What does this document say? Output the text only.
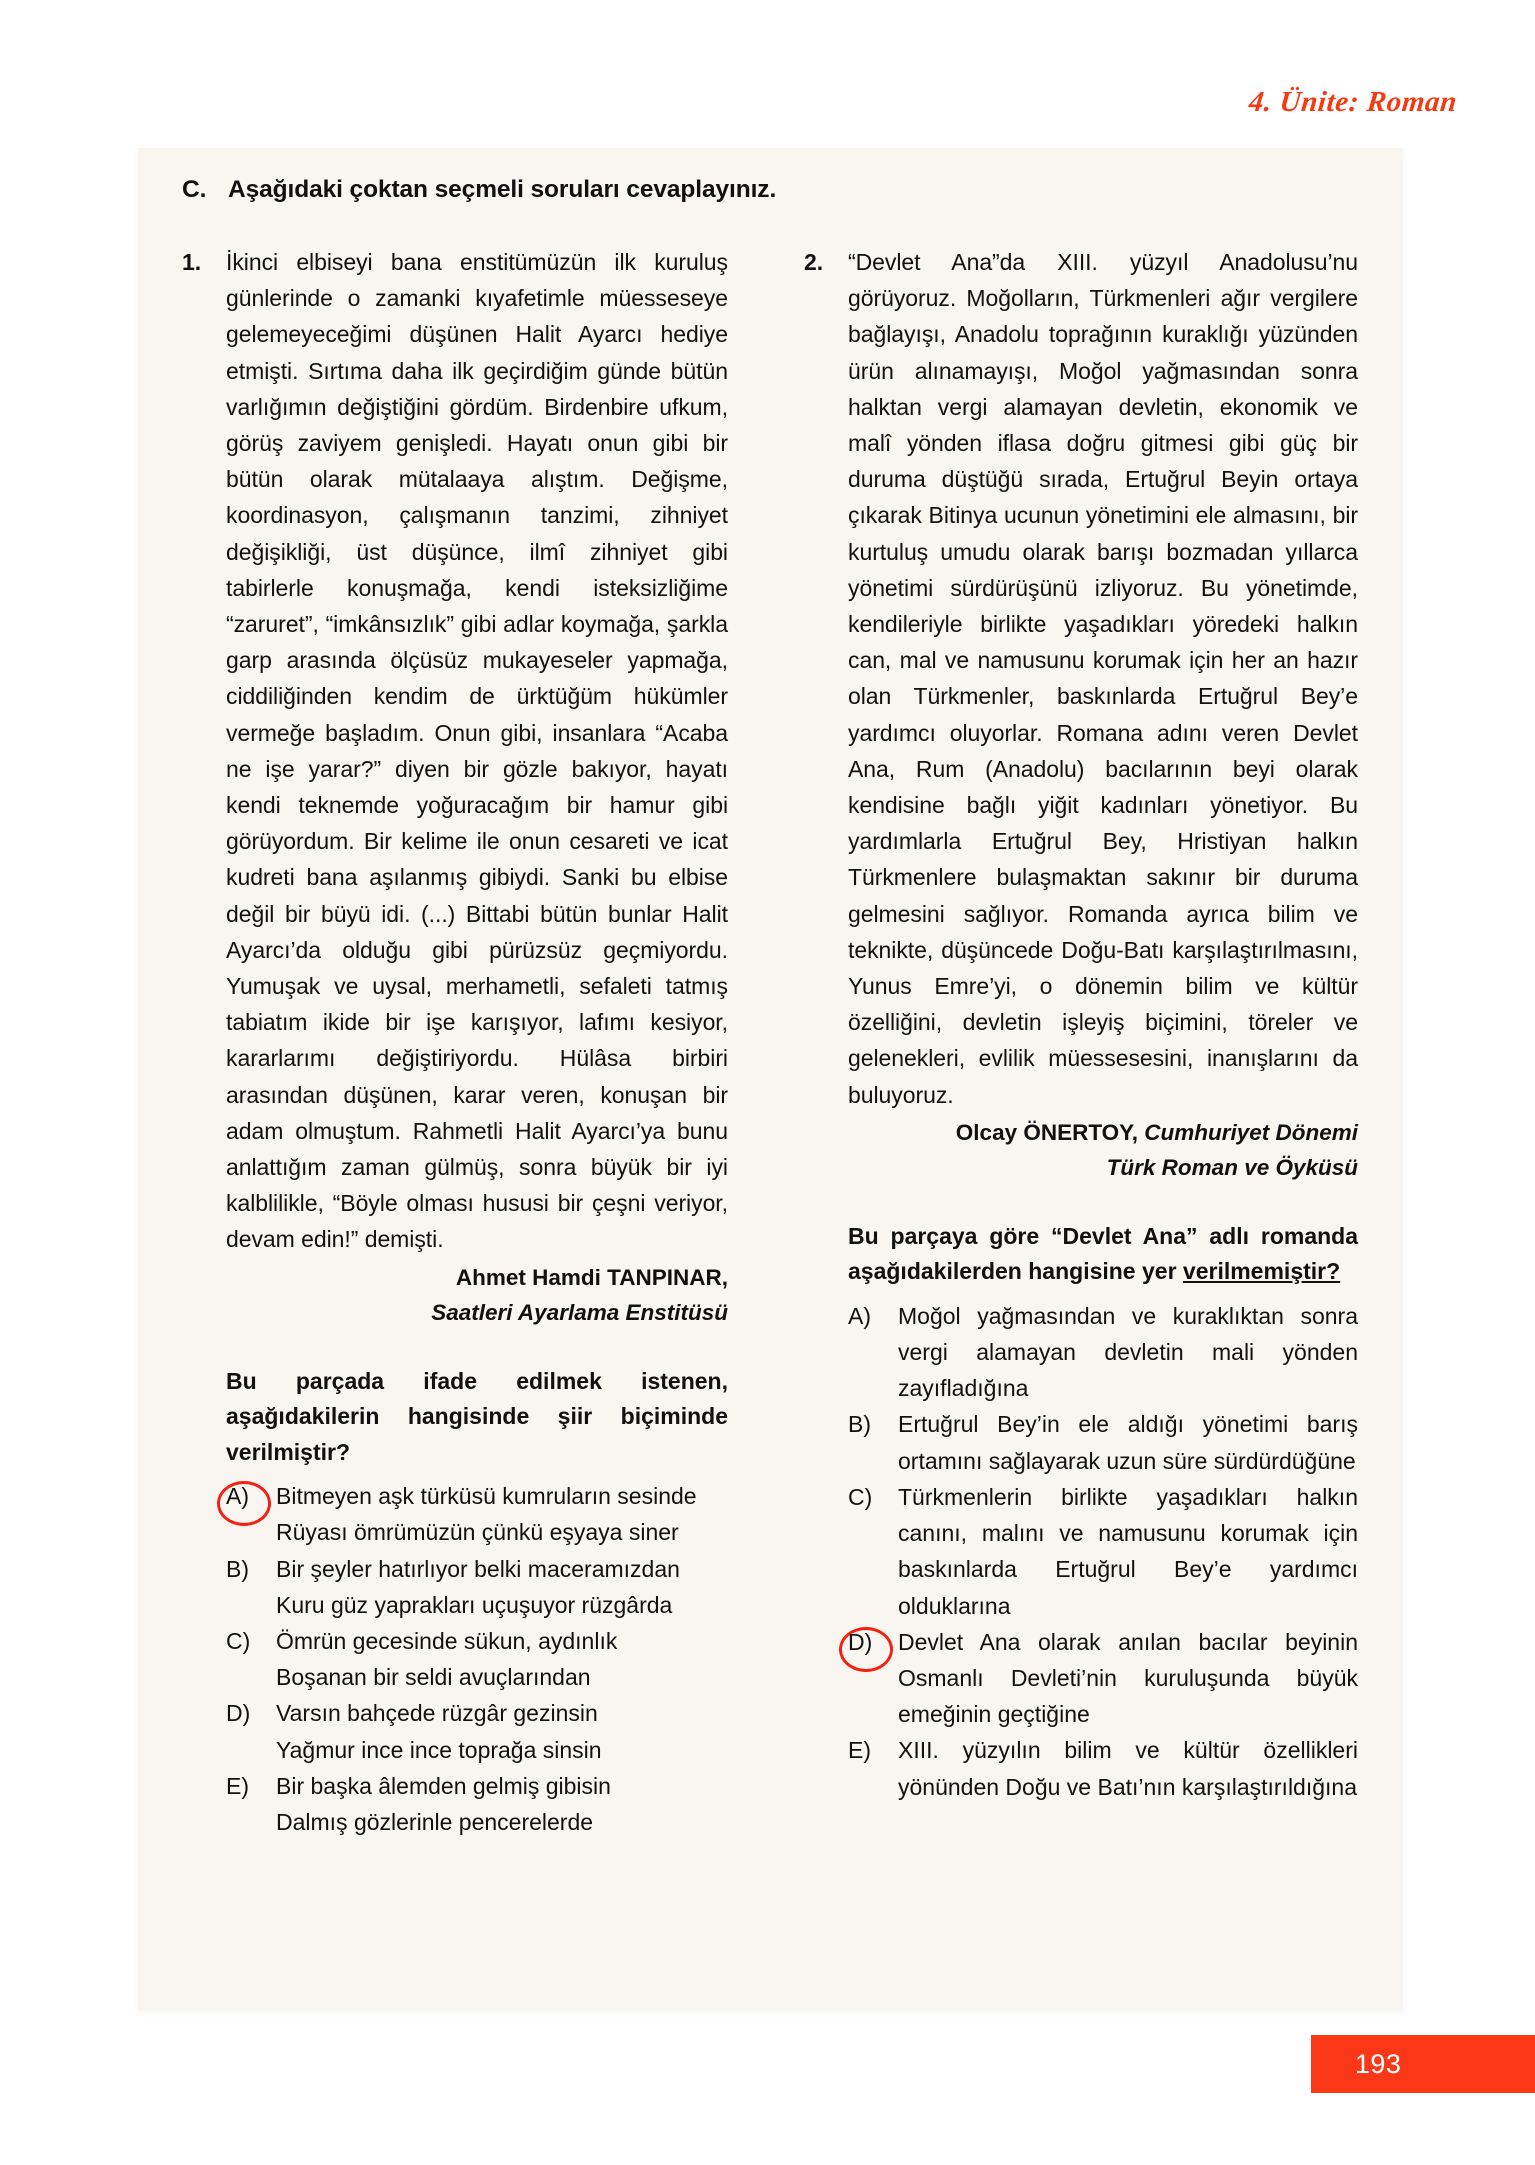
4. Ünite: Roman
C. Aşağıdaki çoktan seçmeli soruları cevaplayınız.
1.	İkinci elbiseyi bana enstitümüzün ilk kuruluş günlerinde o zamanki kıyafetimle müesseseye gelemeyeceğimi düşünen Halit Ayarcı hediye etmişti. Sırtıma daha ilk geçirdiğim günde bütün varlığımın değiştiğini gördüm. Birdenbire ufkum, görüş zaviyem genişledi. Hayatı onun gibi bir bütün olarak mütalaaya alıştım. Değişme, koordinasyon, çalışmanın tanzimi, zihniyet değişikliği, üst düşünce, ilmî zihniyet gibi tabirlerle konuşmağa, kendi isteksizliğime “zaruret”, “imkânsızlık” gibi adlar koymağa, şarkla garp arasında ölçüsüz mukayeseler yapmağa, ciddiliğinden kendim de ürktüğüm hükümler vermeğe başladım. Onun gibi, insanlara “Acaba ne işe yarar?” diyen bir gözle bakıyor, hayatı kendi teknemde yoğuracağım bir hamur gibi görüyordum. Bir kelime ile onun cesareti ve icat kudreti bana aşılanmış gibiydi. Sanki bu elbise değil bir büyü idi. (...) Bittabi bütün bunlar Halit Ayarcı’da olduğu gibi pürüzsüz geçmiyordu. Yumuşak ve uysal, merhametli, sefaleti tatmış tabiatım ikide bir işe karışıyor, lafımı kesiyor, kararlarımı değiştiriyordu. Hülâsa birbiri arasından düşünen, karar veren, konuşan bir adam olmuştum. Rahmetli Halit Ayarcı’ya bunu anlattığım zaman gülmüş, sonra büyük bir iyi kalblilikle, “Böyle olması hususi bir çeşni veriyor, devam edin!” demişti.
Ahmet Hamdi TANPINAR,
Saatleri Ayarlama Enstitüsü
Bu parçada ifade edilmek istenen, aşağıdakilerin hangisinde şiir biçiminde verilmiştir?
A)	Bitmeyen aşk türküsü kumruların sesinde
Rüyası ömrümüzün çünkü eşyaya siner
B)	Bir şeyler hatırlıyor belki maceramızdan
Kuru güz yaprakları uçuşuyor rüzgârda
C)	Ömrün gecesinde sükun, aydınlık
Boşanan bir seldi avuçlarından
D)	Varsın bahçede rüzgâr gezinsin
Yağmur ince ince toprağa sinsin
E)	Bir başka âlemden gelmiş gibisin
Dalmış gözlerinle pencerelerde
2.	“Devlet Ana”da XIII. yüzyıl Anadolusu’nu görüyoruz. Moğolların, Türkmenleri ağır vergilere bağlayışı, Anadolu toprağının kuraklığı yüzünden ürün alınamayışı, Moğol yağmasından sonra halktan vergi alamayan devletin, ekonomik ve malî yönden iflasa doğru gitmesi gibi güç bir duruma düştüğü sırada, Ertuğrul Beyin ortaya çıkarak Bitinya ucunun yönetimini ele almasını, bir kurtuluş umudu olarak barışı bozmadan yıllarca yönetimi sürdürüşünü izliyoruz. Bu yönetimde, kendileriyle birlikte yaşadıkları yöredeki halkın can, mal ve namusunu korumak için her an hazır olan Türkmenler, baskınlarda Ertuğrul Bey’e yardımcı oluyorlar. Romana adını veren Devlet Ana, Rum (Anadolu) bacılarının beyi olarak kendisine bağlı yiğit kadınları yönetiyor. Bu yardımlarla Ertuğrul Bey, Hristiyan halkın Türkmenlere bulaşmaktan sakınır bir duruma gelmesini sağlıyor. Romanda ayrıca bilim ve teknikte, düşüncede Doğu-Batı karşılaştırılmasını, Yunus Emre’yi, o dönemin bilim ve kültür özelliğini, devletin işleyiş biçimini, töreler ve gelenekleri, evlilik müessesesini, inanışlarını da buluyoruz.
Olcay ÖNERTOY, Cumhuriyet Dönemi
Türk Roman ve Öyküsü
Bu parçaya göre “Devlet Ana” adlı romanda aşağıdakilerden hangisine yer verilmemiştir?
A)	Moğol yağmasından ve kuraklıktan sonra vergi alamayan devletin mali yönden zayıfladığına
B)	Ertuğrul Bey’in ele aldığı yönetimi barış ortamını sağlayarak uzun süre sürdürdüğüne
C)	Türkmenlerin birlikte yaşadıkları halkın canını, malını ve namusunu korumak için baskınlarda Ertuğrul Bey’e yardımcı olduklarına
D)	Devlet Ana olarak anılan bacılar beyinin Osmanlı Devleti’nin kuruluşunda büyük emeğinin geçtiğine
E)	XIII. yüzyılın bilim ve kültür özellikleri yönünden Doğu ve Batı’nın karşılaştırıldığına
193
